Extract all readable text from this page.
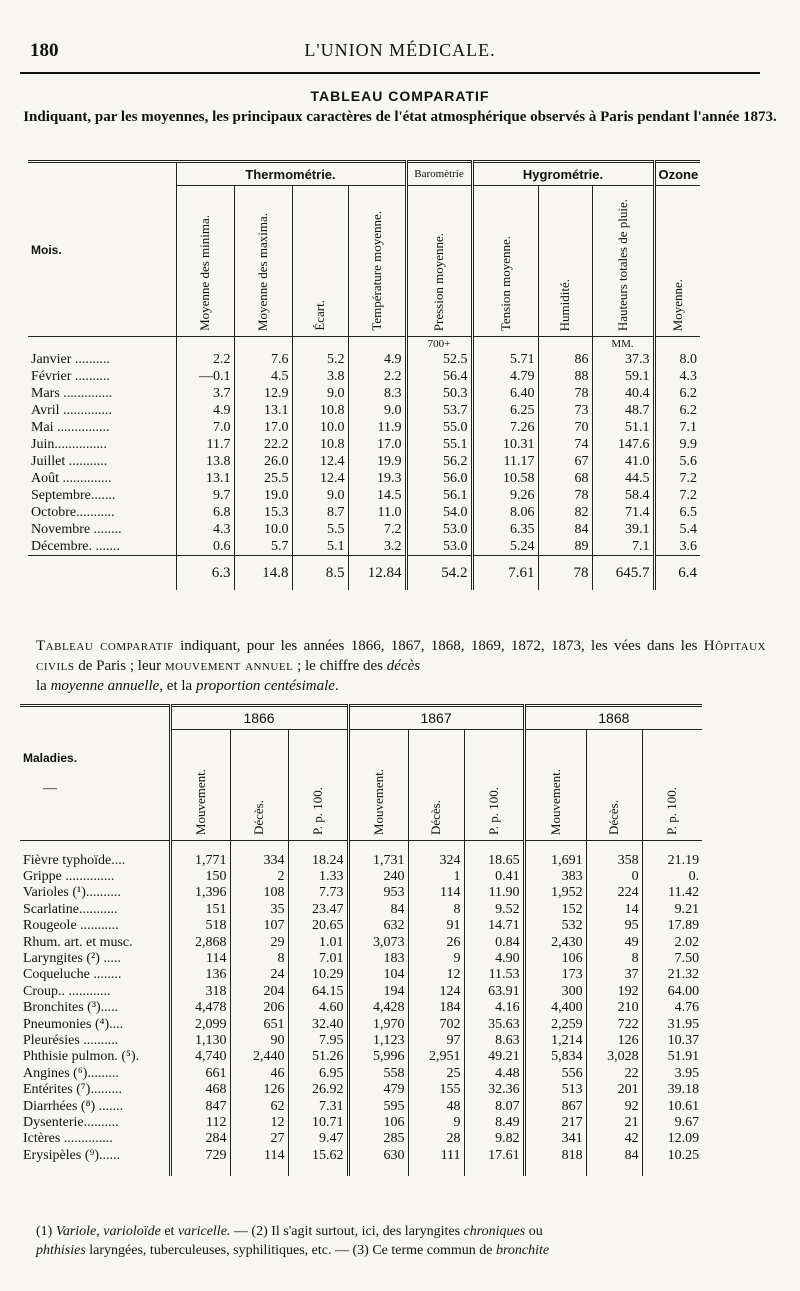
180	L'UNION MÉDICALE.
TABLEAU COMPARATIF
Indiquant, par les moyennes, les principaux caractères de l'état atmosphérique observés à Paris pendant l'année 1873.
Mois.	Thermométrie.				Baromètrie	Hygrométrie.			Ozone
	Moyenne des minima.	Moyenne des maxima.	Écart.	Température moyenne.	Pression moyenne.	Tension moyenne.	Humidité.	Hauteurs totales de pluie.	Moyenne.
					700+			MM.	
Janvier ..........	2.2	7.6	5.2	4.9	52.5	5.71	86	37.3	8.0
Février ..........	—0.1	4.5	3.8	2.2	56.4	4.79	88	59.1	4.3
Mars ..............	3.7	12.9	9.0	8.3	50.3	6.40	78	40.4	6.2
Avril ..............	4.9	13.1	10.8	9.0	53.7	6.25	73	48.7	6.2
Mai ...............	7.0	17.0	10.0	11.9	55.0	7.26	70	51.1	7.1
Juin...............	11.7	22.2	10.8	17.0	55.1	10.31	74	147.6	9.9
Juillet ...........	13.8	26.0	12.4	19.9	56.2	11.17	67	41.0	5.6
Août ..............	13.1	25.5	12.4	19.3	56.0	10.58	68	44.5	7.2
Septembre.......	9.7	19.0	9.0	14.5	56.1	9.26	78	58.4	7.2
Octobre...........	6.8	15.3	8.7	11.0	54.0	8.06	82	71.4	6.5
Novembre ........	4.3	10.0	5.5	7.2	53.0	6.35	84	39.1	5.4
Décembre. .......	0.6	5.7	5.1	3.2	53.0	5.24	89	7.1	3.6
	6.3	14.8	8.5	12.84	54.2	7.61	78	645.7	6.4
Tableau comparatif indiquant, pour les années 1866, 1867, 1868, 1869, 1872, 1873, les vées dans les Hôpitaux civils de Paris ; leur mouvement annuel ; le chiffre des décès
la moyenne annuelle, et la proportion centésimale.
Maladies.
—	1866			1867			1868		
	Mouvement.	Décès.	P. p. 100.	Mouvement.	Décès.	P. p. 100.	Mouvement.	Décès.	P. p. 100.

Fièvre typhoïde....	1,771	334	18.24	1,731	324	18.65	1,691	358	21.19
Grippe ..............	150	2	1.33	240	1	0.41	383	0	0.
Varioles (¹)..........	1,396	108	7.73	953	114	11.90	1,952	224	11.42
Scarlatine...........	151	35	23.47	84	8	9.52	152	14	9.21
Rougeole ...........	518	107	20.65	632	91	14.71	532	95	17.89
Rhum. art. et musc.	2,868	29	1.01	3,073	26	0.84	2,430	49	2.02
Laryngites (²) .....	114	8	7.01	183	9	4.90	106	8	7.50
Coqueluche ........	136	24	10.29	104	12	11.53	173	37	21.32
Croup.. ............	318	204	64.15	194	124	63.91	300	192	64.00
Bronchites (³).....	4,478	206	4.60	4,428	184	4.16	4,400	210	4.76
Pneumonies (⁴)....	2,099	651	32.40	1,970	702	35.63	2,259	722	31.95
Pleurésies ..........	1,130	90	7.95	1,123	97	8.63	1,214	126	10.37
Phthisie pulmon. (⁵).	4,740	2,440	51.26	5,996	2,951	49.21	5,834	3,028	51.91
Angines (⁶).........	661	46	6.95	558	25	4.48	556	22	3.95
Entérites (⁷).........	468	126	26.92	479	155	32.36	513	201	39.18
Diarrhées (⁸) .......	847	62	7.31	595	48	8.07	867	92	10.61
Dysenterie..........	112	12	10.71	106	9	8.49	217	21	9.67
Ictères ..............	284	27	9.47	285	28	9.82	341	42	12.09
Erysipèles (⁹)......	729	114	15.62	630	111	17.61	818	84	10.25

(1) Variole, varioloïde et varicelle. — (2) Il s'agit surtout, ici, des laryngites chroniques ou
phthisies laryngées, tuberculeuses, syphilitiques, etc. — (3) Ce terme commun de bronchite
